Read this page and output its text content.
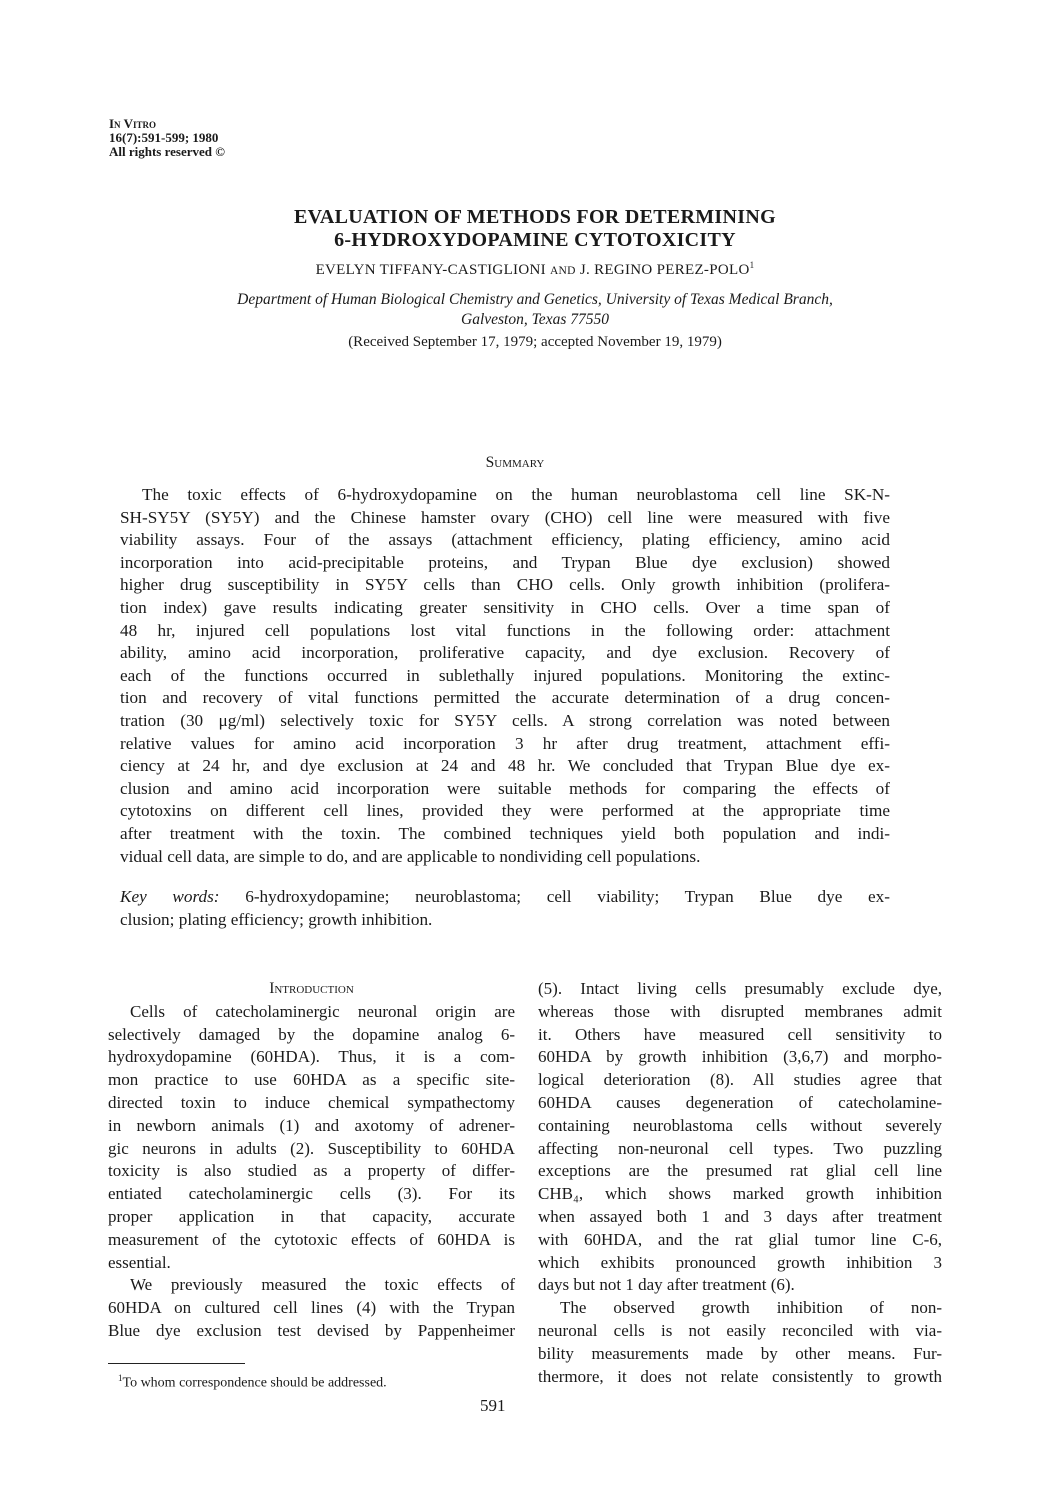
In Vitro
16(7):591-599; 1980
All rights reserved ©
EVALUATION OF METHODS FOR DETERMINING
6-HYDROXYDOPAMINE CYTOTOXICITY
EVELYN TIFFANY-CASTIGLIONI AND J. REGINO PEREZ-POLO$^1$
Department of Human Biological Chemistry and Genetics, University of Texas Medical Branch,
Galveston, Texas 77550
(Received September 17, 1979; accepted November 19, 1979)
Summary
The toxic effects of 6-hydroxydopamine on the human neuroblastoma cell line SK-N-
SH-SY5Y (SY5Y) and the Chinese hamster ovary (CHO) cell line were measured with five
viability assays. Four of the assays (attachment efficiency, plating efficiency, amino acid
incorporation into acid-precipitable proteins, and Trypan Blue dye exclusion) showed
higher drug susceptibility in SY5Y cells than CHO cells. Only growth inhibition (prolifera-
tion index) gave results indicating greater sensitivity in CHO cells. Over a time span of
48 hr, injured cell populations lost vital functions in the following order: attachment
ability, amino acid incorporation, proliferative capacity, and dye exclusion. Recovery of
each of the functions occurred in sublethally injured populations. Monitoring the extinc-
tion and recovery of vital functions permitted the accurate determination of a drug concen-
tration (30 μg/ml) selectively toxic for SY5Y cells. A strong correlation was noted between
relative values for amino acid incorporation 3 hr after drug treatment, attachment effi-
ciency at 24 hr, and dye exclusion at 24 and 48 hr. We concluded that Trypan Blue dye ex-
clusion and amino acid incorporation were suitable methods for comparing the effects of
cytotoxins on different cell lines, provided they were performed at the appropriate time
after treatment with the toxin. The combined techniques yield both population and indi-
vidual cell data, are simple to do, and are applicable to nondividing cell populations.
Key words: 6-hydroxydopamine; neuroblastoma; cell viability; Trypan Blue dye ex-
clusion; plating efficiency; growth inhibition.
Introduction
Cells of catecholaminergic neuronal origin are
selectively damaged by the dopamine analog 6-
hydroxydopamine (60HDA). Thus, it is a com-
mon practice to use 60HDA as a specific site-
directed toxin to induce chemical sympathectomy
in newborn animals (1) and axotomy of adrener-
gic neurons in adults (2). Susceptibility to 60HDA
toxicity is also studied as a property of differ-
entiated catecholaminergic cells (3). For its
proper application in that capacity, accurate
measurement of the cytotoxic effects of 60HDA is
essential.
We previously measured the toxic effects of
60HDA on cultured cell lines (4) with the Trypan
Blue dye exclusion test devised by Pappenheimer
(5). Intact living cells presumably exclude dye,
whereas those with disrupted membranes admit
it. Others have measured cell sensitivity to
60HDA by growth inhibition (3,6,7) and morpho-
logical deterioration (8). All studies agree that
60HDA causes degeneration of catecholamine-
containing neuroblastoma cells without severely
affecting non-neuronal cell types. Two puzzling
exceptions are the presumed rat glial cell line
CHB₄, which shows marked growth inhibition
when assayed both 1 and 3 days after treatment
with 60HDA, and the rat glial tumor line C-6,
which exhibits pronounced growth inhibition 3
days but not 1 day after treatment (6).
The observed growth inhibition of non-
neuronal cells is not easily reconciled with via-
bility measurements made by other means. Fur-
thermore, it does not relate consistently to growth
$^1$To whom correspondence should be addressed.
591
